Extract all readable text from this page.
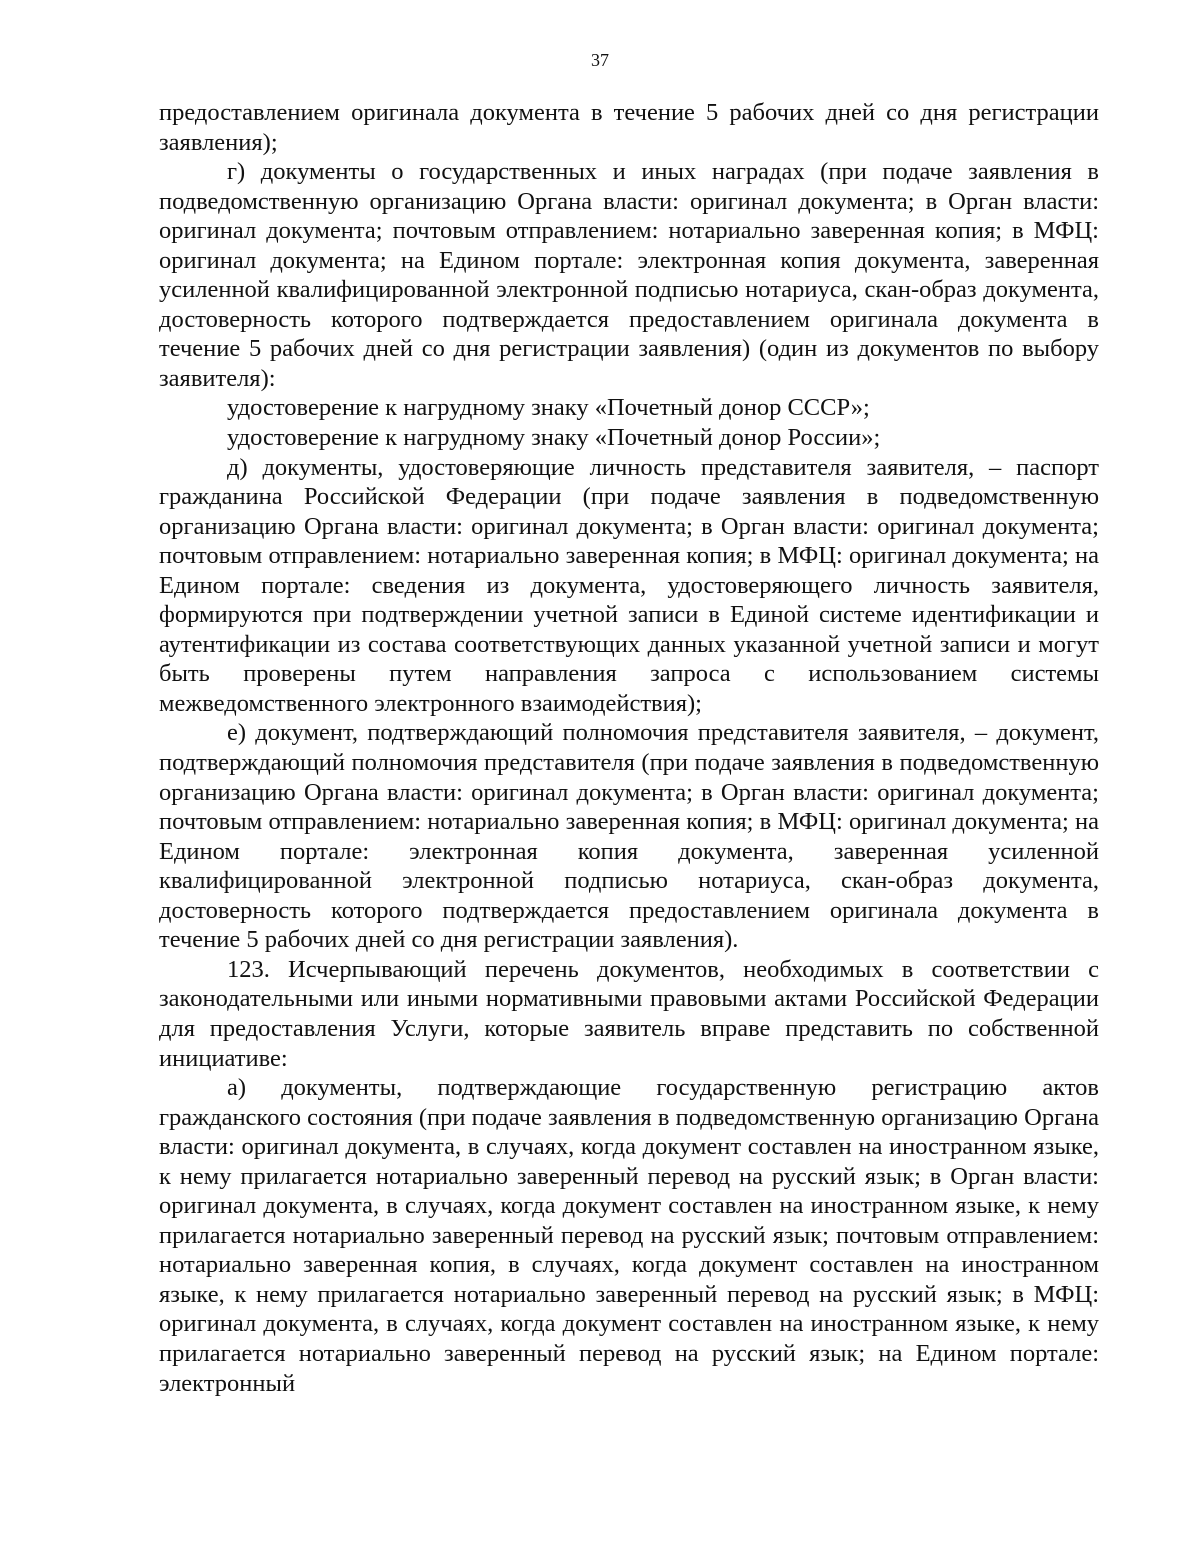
37

предоставлением оригинала документа в течение 5 рабочих дней со дня регистрации заявления);

г) документы о государственных и иных наградах (при подаче заявления в подведомственную организацию Органа власти: оригинал документа; в Орган власти: оригинал документа; почтовым отправлением: нотариально заверенная копия; в МФЦ: оригинал документа; на Едином портале: электронная копия документа, заверенная усиленной квалифицированной электронной подписью нотариуса, скан-образ документа, достоверность которого подтверждается предоставлением оригинала документа в течение 5 рабочих дней со дня регистрации заявления) (один из документов по выбору заявителя):

удостоверение к нагрудному знаку «Почетный донор СССР»;

удостоверение к нагрудному знаку «Почетный донор России»;

д) документы, удостоверяющие личность представителя заявителя, – паспорт гражданина Российской Федерации (при подаче заявления в подведомственную организацию Органа власти: оригинал документа; в Орган власти: оригинал документа; почтовым отправлением: нотариально заверенная копия; в МФЦ: оригинал документа; на Едином портале: сведения из документа, удостоверяющего личность заявителя, формируются при подтверждении учетной записи в Единой системе идентификации и аутентификации из состава соответствующих данных указанной учетной записи и могут быть проверены путем направления запроса с использованием системы межведомственного электронного взаимодействия);

е) документ, подтверждающий полномочия представителя заявителя, – документ, подтверждающий полномочия представителя (при подаче заявления в подведомственную организацию Органа власти: оригинал документа; в Орган власти: оригинал документа; почтовым отправлением: нотариально заверенная копия; в МФЦ: оригинал документа; на Едином портале: электронная копия документа, заверенная усиленной квалифицированной электронной подписью нотариуса, скан-образ документа, достоверность которого подтверждается предоставлением оригинала документа в течение 5 рабочих дней со дня регистрации заявления).

123. Исчерпывающий перечень документов, необходимых в соответствии с законодательными или иными нормативными правовыми актами Российской Федерации для предоставления Услуги, которые заявитель вправе представить по собственной инициативе:

а) документы, подтверждающие государственную регистрацию актов гражданского состояния (при подаче заявления в подведомственную организацию Органа власти: оригинал документа, в случаях, когда документ составлен на иностранном языке, к нему прилагается нотариально заверенный перевод на русский язык; в Орган власти: оригинал документа, в случаях, когда документ составлен на иностранном языке, к нему прилагается нотариально заверенный перевод на русский язык; почтовым отправлением: нотариально заверенная копия, в случаях, когда документ составлен на иностранном языке, к нему прилагается нотариально заверенный перевод на русский язык; в МФЦ: оригинал документа, в случаях, когда документ составлен на иностранном языке, к нему прилагается нотариально заверенный перевод на русский язык; на Едином портале: электронный
